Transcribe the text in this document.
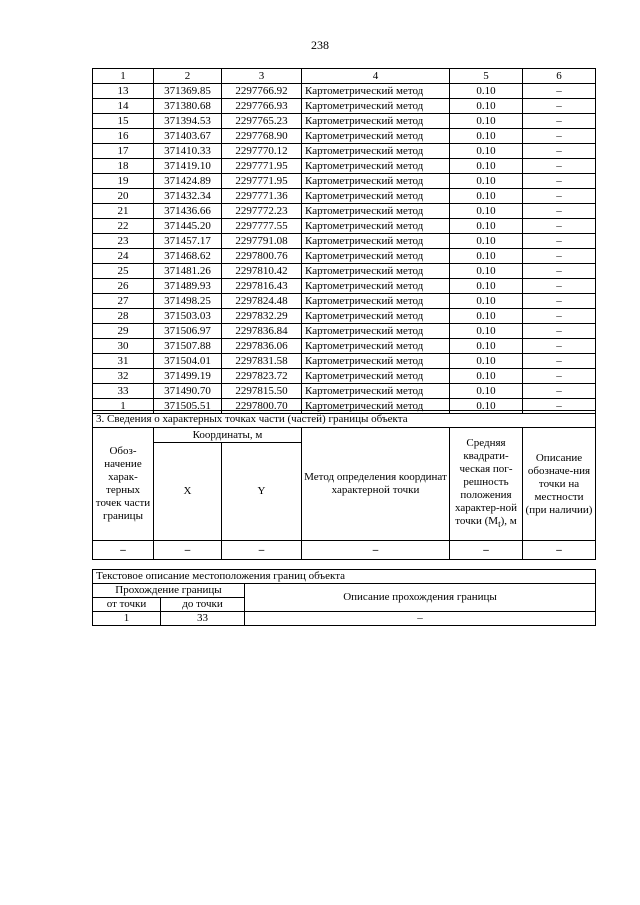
238
1	2	3	4	5	6
13	371369.85	2297766.92	Картометрический метод	0.10	–
14	371380.68	2297766.93	Картометрический метод	0.10	–
15	371394.53	2297765.23	Картометрический метод	0.10	–
16	371403.67	2297768.90	Картометрический метод	0.10	–
17	371410.33	2297770.12	Картометрический метод	0.10	–
18	371419.10	2297771.95	Картометрический метод	0.10	–
19	371424.89	2297771.95	Картометрический метод	0.10	–
20	371432.34	2297771.36	Картометрический метод	0.10	–
21	371436.66	2297772.23	Картометрический метод	0.10	–
22	371445.20	2297777.55	Картометрический метод	0.10	–
23	371457.17	2297791.08	Картометрический метод	0.10	–
24	371468.62	2297800.76	Картометрический метод	0.10	–
25	371481.26	2297810.42	Картометрический метод	0.10	–
26	371489.93	2297816.43	Картометрический метод	0.10	–
27	371498.25	2297824.48	Картометрический метод	0.10	–
28	371503.03	2297832.29	Картометрический метод	0.10	–
29	371506.97	2297836.84	Картометрический метод	0.10	–
30	371507.88	2297836.06	Картометрический метод	0.10	–
31	371504.01	2297831.58	Картометрический метод	0.10	–
32	371499.19	2297823.72	Картометрический метод	0.10	–
33	371490.70	2297815.50	Картометрический метод	0.10	–
1	371505.51	2297800.70	Картометрический метод	0.10	–
3. Сведения о характерных точках части (частей) границы объекта					
Обоз-начение харак-терных точек части границы	Координаты, м		Метод определения координат характерной точки	Средняя квадрати-ческая пог-решность положения характер-ной точки $(M_t)$, м	Описание обозначе-ния точки на местности (при наличии)
	X	Y			
–	–	–	–	–	–
Текстовое описание местоположения границ объекта		
Прохождение границы		Описание прохождения границы
от точки	до точки	
1	33	–
